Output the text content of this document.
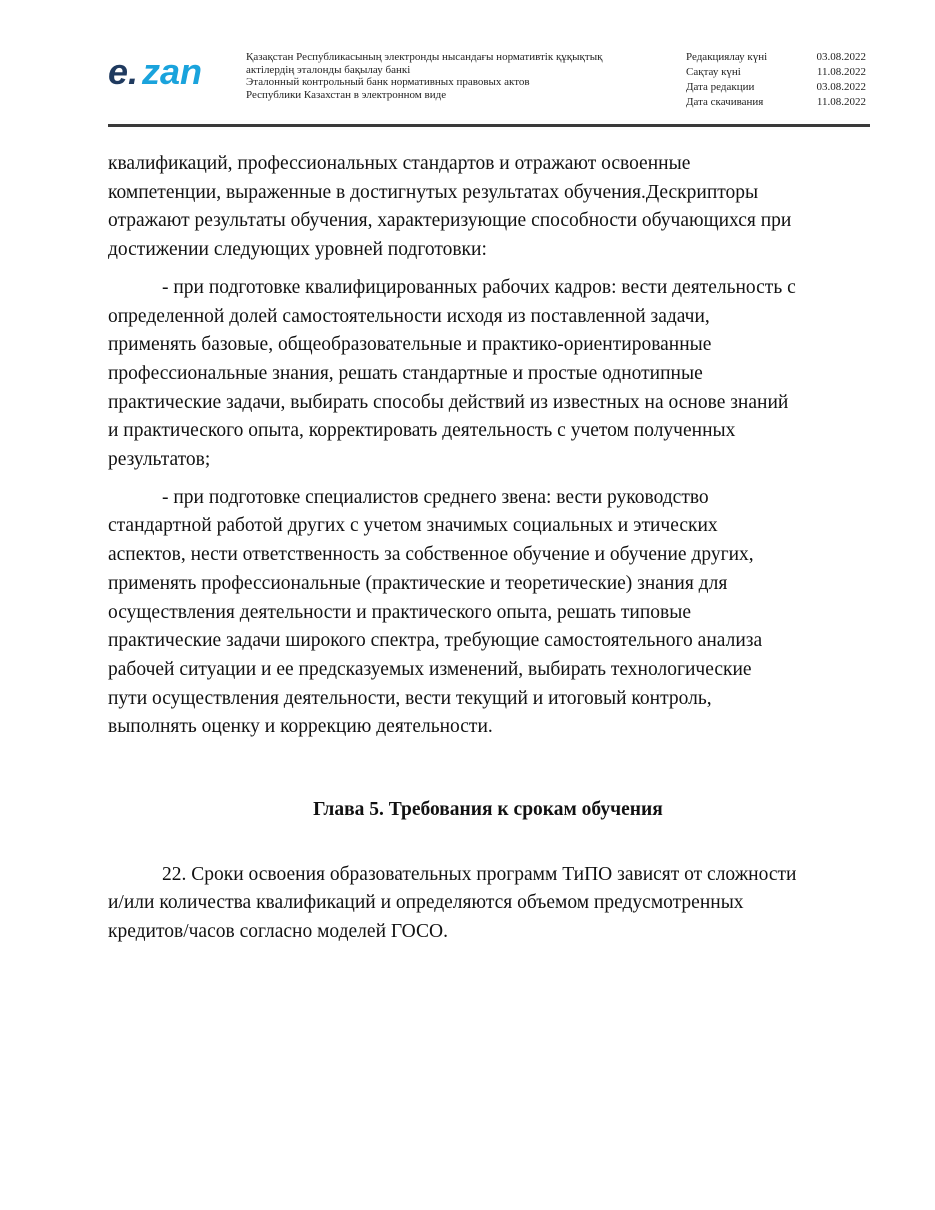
e. zan	Қазақстан Республикасының электронды нысандағы нормативтік құқықтық
актілердің эталонды бақылау банкі
Эталонный контрольный банк нормативных правовых актов
Республики Казахстан в электронном виде
Редакциялау күні	03.08.2022
Сақтау күні	11.08.2022
Дата редакции	03.08.2022
Дата скачивания	11.08.2022

квалификаций, профессиональных стандартов и отражают освоенные
компетенции, выраженные в достигнутых результатах обучения.Дескрипторы
отражают результаты обучения, характеризующие способности обучающихся при
достижении следующих уровней подготовки:

- при подготовке квалифицированных рабочих кадров: вести деятельность с
определенной долей самостоятельности исходя из поставленной задачи,
применять базовые, общеобразовательные и практико-ориентированные
профессиональные знания, решать стандартные и простые однотипные
практические задачи, выбирать способы действий из известных на основе знаний
и практического опыта, корректировать деятельность с учетом полученных
результатов;

- при подготовке специалистов среднего звена: вести руководство
стандартной работой других с учетом значимых социальных и этических
аспектов, нести ответственность за собственное обучение и обучение других,
применять профессиональные (практические и теоретические) знания для
осуществления деятельности и практического опыта, решать типовые
практические задачи широкого спектра, требующие самостоятельного анализа
рабочей ситуации и ее предсказуемых изменений, выбирать технологические
пути осуществления деятельности, вести текущий и итоговый контроль,
выполнять оценку и коррекцию деятельности.

Глава 5. Требования к срокам обучения

22. Сроки освоения образовательных программ ТиПО зависят от сложности
и/или количества квалификаций и определяются объемом предусмотренных
кредитов/часов согласно моделей ГОСО.
